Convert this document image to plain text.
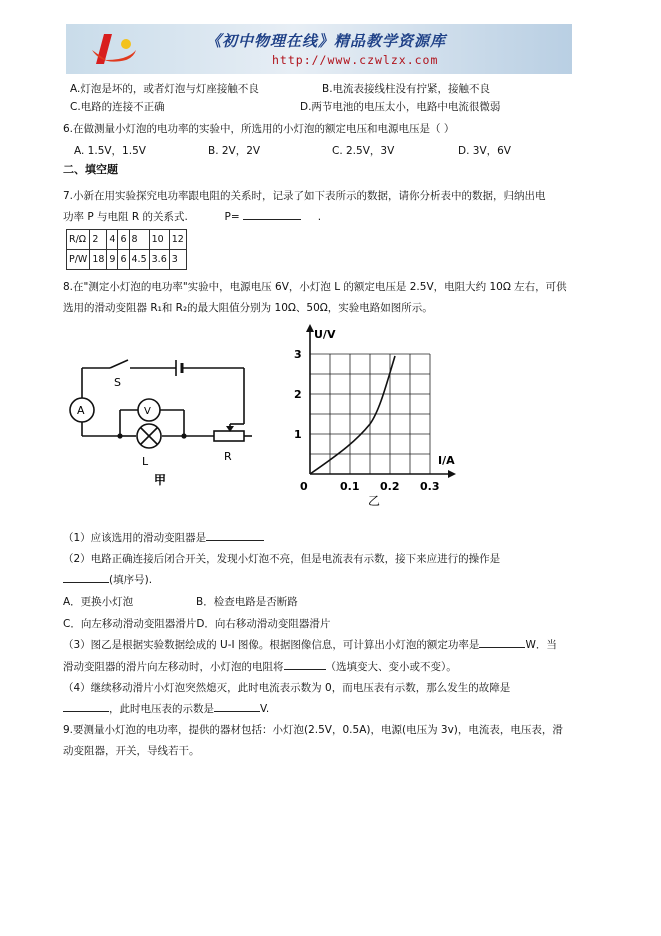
《初中物理在线》精品教学资源库
http://www.czwlzx.com
A.灯泡是坏的，或者灯泡与灯座接触不良	B.电流表接线柱没有拧紧，接触不良
C.电路的连接不正确	D.两节电池的电压太小，电路中电流很微弱
6.在做测量小灯泡的电功率的实验中，所选用的小灯泡的额定电压和电源电压是（ ）
A. 1.5V，1.5V	B. 2V，2V	C. 2.5V，3V	D. 3V，6V
二、填空题
7.小新在用实验探究电功率跟电阻的关系时，记录了如下表所示的数据，请你分析表中的数据，归纳出电
功率 P 与电阻 R 的关系式.	P=	.
R/Ω	2	4	6	8	10	12
P/W	18	9	6	4.5	3.6	3
8.在"测定小灯泡的电功率"实验中，电源电压 6V，小灯泡 L 的额定电压是 2.5V，电阻大约 10Ω 左右，可供
选用的滑动变阻器 R₁和 R₂的最大阻值分别为 10Ω、50Ω，实验电路如图所示。
A	V
S
L	R
甲
U/V
I/A
1
2
3
0	0.1 0.2 0.3
乙
（1）应该选用的滑动变阻器是
（2）电路正确连接后闭合开关，发现小灯泡不亮，但是电流表有示数，接下来应进行的操作是
(填序号).
A．更换小灯泡	B．检查电路是否断路
C．向左移动滑动变阻器滑片D．向右移动滑动变阻器滑片
（3）图乙是根据实验数据绘成的 U-I 图像。根据图像信息，可计算出小灯泡的额定功率是	W．当
滑动变阻器的滑片向左移动时，小灯泡的电阻将	（选填变大、变小或不变）。
（4）继续移动滑片小灯泡突然熄灭，此时电流表示数为 0，而电压表有示数，那么发生的故障是
，此时电压表的示数是	V.
9.要测量小灯泡的电功率，提供的器材包括：小灯泡(2.5V，0.5A)，电源(电压为 3v)，电流表，电压表，滑
动变阻器，开关，导线若干。
